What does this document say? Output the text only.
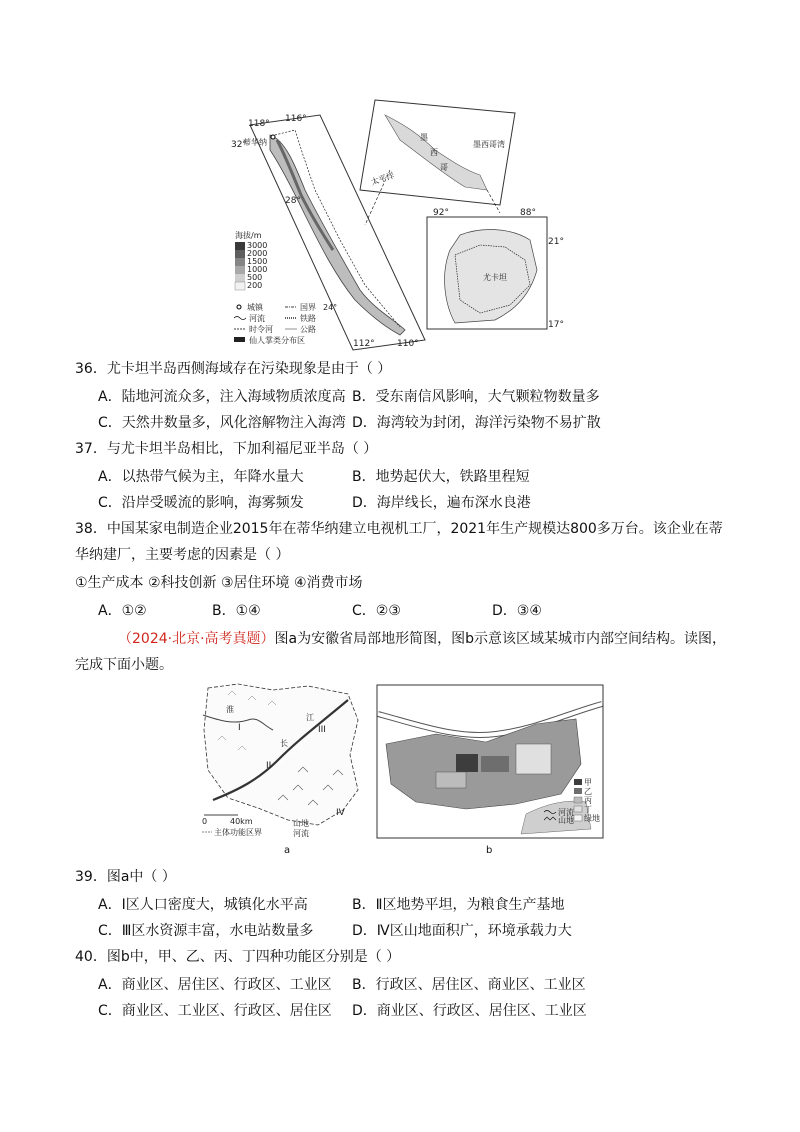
118° 116°
32°
蒂华纳
28°
112° 110°
海拔/m
3000
2000
1500
1000
500
200
城镇
河流
时令河
国界 24°
铁路
公路
仙人掌类分布区
墨
西
哥
墨西哥湾
太平洋
尤卡坦
92°	88°
21°
17°
36．尤卡坦半岛西侧海域存在污染现象是由于（ ）
A．陆地河流众多，注入海域物质浓度高 B．受东南信风影响，大气颗粒物数量多
C．天然井数量多，风化溶解物注入海湾 D．海湾较为封闭，海洋污染物不易扩散
37．与尤卡坦半岛相比，下加利福尼亚半岛（ ）
A．以热带气候为主，年降水量大	B．地势起伏大，铁路里程短
C．沿岸受暖流的影响，海雾频发	D．海岸线长，遍布深水良港
38．中国某家电制造企业2015年在蒂华纳建立电视机工厂，2021年生产规模达800多万台。该企业在蒂
华纳建厂，主要考虑的因素是（ ）
①生产成本 ②科技创新 ③居住环境 ④消费市场
A．①②	B．①④	C．②③	D．③④
（2024·北京·高考真题）图a为安徽省局部地形简图，图b示意该区域某城市内部空间结构。读图，
完成下面小题。
I
II
III
IV
江
长
淮
0	40km
主体功能区界
山地
河流
a
甲
乙
丙
丁
河流
山地 绿地
b
39．图a中（ ）
A．Ⅰ区人口密度大，城镇化水平高	B．Ⅱ区地势平坦，为粮食生产基地
C．Ⅲ区水资源丰富，水电站数量多	D．Ⅳ区山地面积广，环境承载力大
40．图b中，甲、乙、丙、丁四种功能区分别是（ ）
A．商业区、居住区、行政区、工业区 B．行政区、居住区、商业区、工业区
C．商业区、工业区、行政区、居住区 D．商业区、行政区、居住区、工业区
